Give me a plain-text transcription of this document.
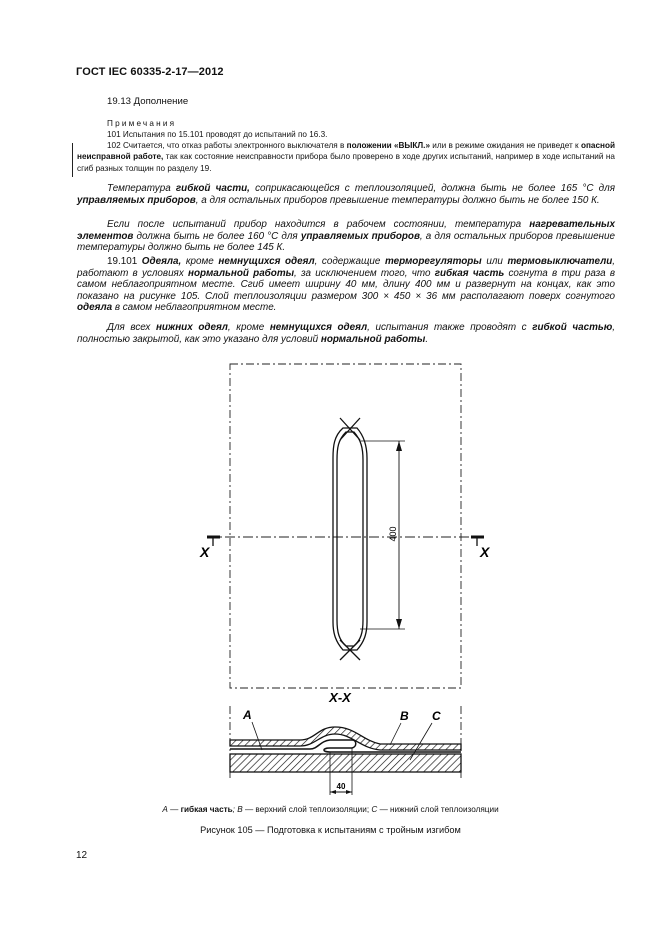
ГОСТ IEC 60335-2-17—2012
19.13 Дополнение
Примечания
101 Испытания по 15.101 проводят до испытаний по 16.3.
102 Считается, что отказ работы электронного выключателя в положении «ВЫКЛ.» или в режиме ожидания не приведет к опасной неисправной работе, так как состояние неисправности прибора было проверено в ходе других испытаний, например в ходе испытаний на сгиб разных толщин по разделу 19.
Температура гибкой части, соприкасающейся с теплоизоляцией, должна быть не более 165 °С для управляемых приборов, а для остальных приборов превышение температуры должно быть не более 150 К.
Если после испытаний прибор находится в рабочем состоянии, температура нагревательных элементов должна быть не более 160 °С для управляемых приборов, а для остальных приборов превышение температуры должно быть не более 145 К.
19.101 Одеяла, кроме немнущихся одеял, содержащие терморегуляторы или термовыключатели, работают в условиях нормальной работы, за исключением того, что гибкая часть согнута в три раза в самом неблагоприятном месте. Сгиб имеет ширину 40 мм, длину 400 мм и развернут на концах, как это показано на рисунке 105. Слой теплоизоляции размером 300 × 450 × 36 мм располагают поверх согнутого одеяла в самом неблагоприятном месте.
Для всех нижних одеял, кроме немнущихся одеял, испытания также проводят с гибкой частью, полностью закрытой, как это указано для условий нормальной работы.
X	X
400
X-X
A	B C
40
A — гибкая часть; B — верхний слой теплоизоляции; C — нижний слой теплоизоляции
Рисунок 105 — Подготовка к испытаниям с тройным изгибом
12
